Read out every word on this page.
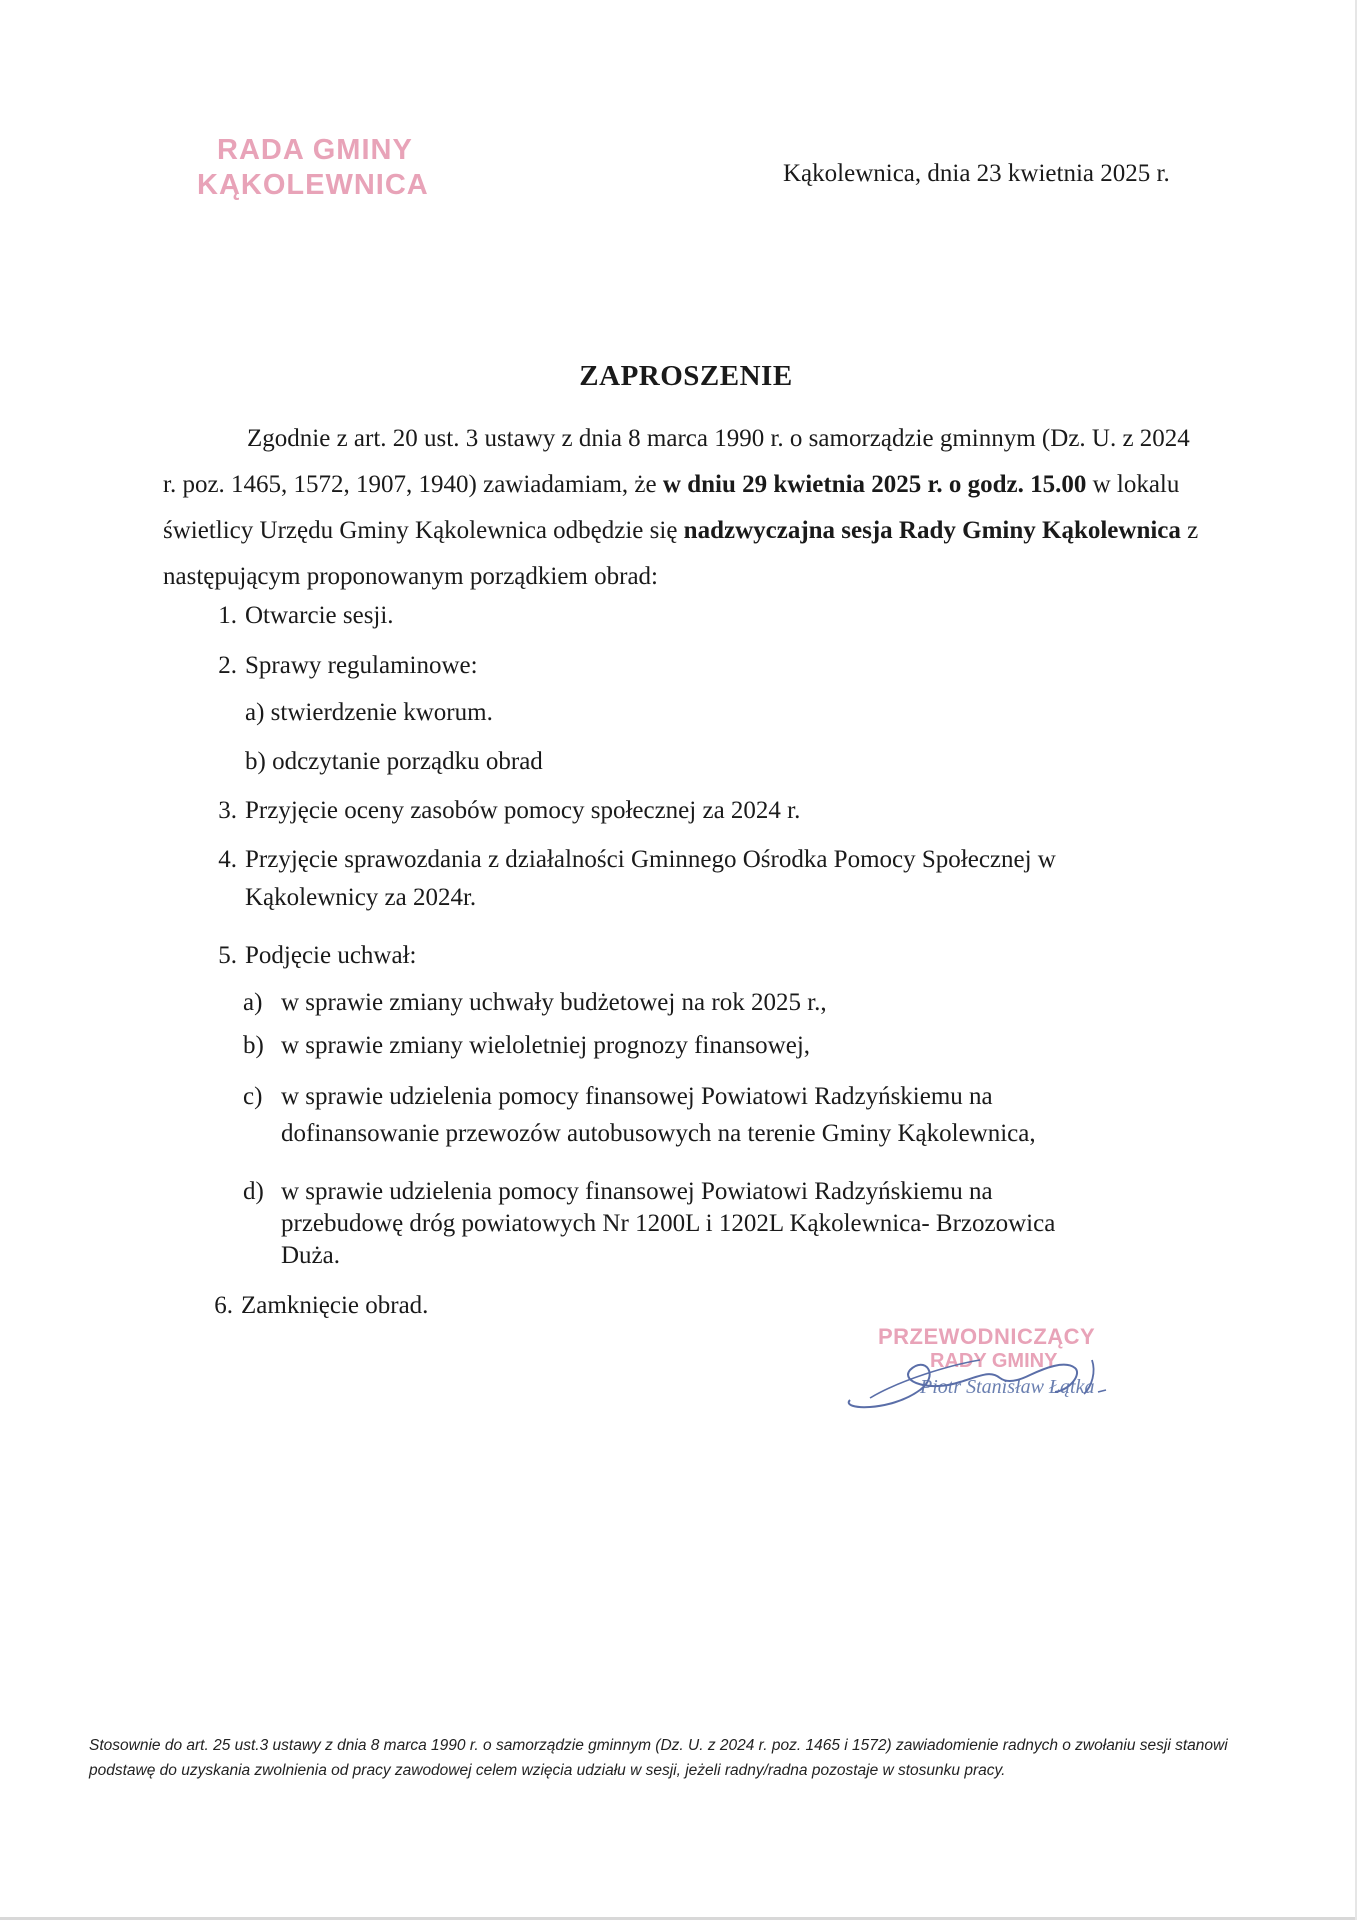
RADA GMINY
KĄKOLEWNICA	Kąkolewnica, dnia 23 kwietnia 2025 r.
ZAPROSZENIE
Zgodnie z art. 20 ust. 3 ustawy z dnia 8 marca 1990 r. o samorządzie gminnym (Dz. U. z 2024 r. poz. 1465, 1572, 1907, 1940) zawiadamiam, że w dniu 29 kwietnia 2025 r. o godz. 15.00 w lokalu świetlicy Urzędu Gminy Kąkolewnica odbędzie się nadzwyczajna sesja Rady Gminy Kąkolewnica z następującym proponowanym porządkiem obrad:
1. Otwarcie sesji.
2. Sprawy regulaminowe:
a) stwierdzenie kworum.
b) odczytanie porządku obrad
3. Przyjęcie oceny zasobów pomocy społecznej za 2024 r.
4. Przyjęcie sprawozdania z działalności Gminnego Ośrodka Pomocy Społecznej w
Kąkolewnicy za 2024r.
5. Podjęcie uchwał:
a) w sprawie zmiany uchwały budżetowej na rok 2025 r.,
b) w sprawie zmiany wieloletniej prognozy finansowej,
c) w sprawie udzielenia pomocy finansowej Powiatowi Radzyńskiemu na
dofinansowanie przewozów autobusowych na terenie Gminy Kąkolewnica,
d) w sprawie udzielenia pomocy finansowej Powiatowi Radzyńskiemu na
przebudowę dróg powiatowych Nr 1200L i 1202L Kąkolewnica- Brzozowica
Duża.
6. Zamknięcie obrad.
PRZEWODNICZĄCY
RADY GMINY
Piotr Stanisław Łątka
Stosownie do art. 25 ust.3 ustawy z dnia 8 marca 1990 r. o samorządzie gminnym (Dz. U. z 2024 r. poz. 1465 i 1572) zawiadomienie radnych o zwołaniu sesji stanowi podstawę do uzyskania zwolnienia od pracy zawodowej celem wzięcia udziału w sesji, jeżeli radny/radna pozostaje w stosunku pracy.
